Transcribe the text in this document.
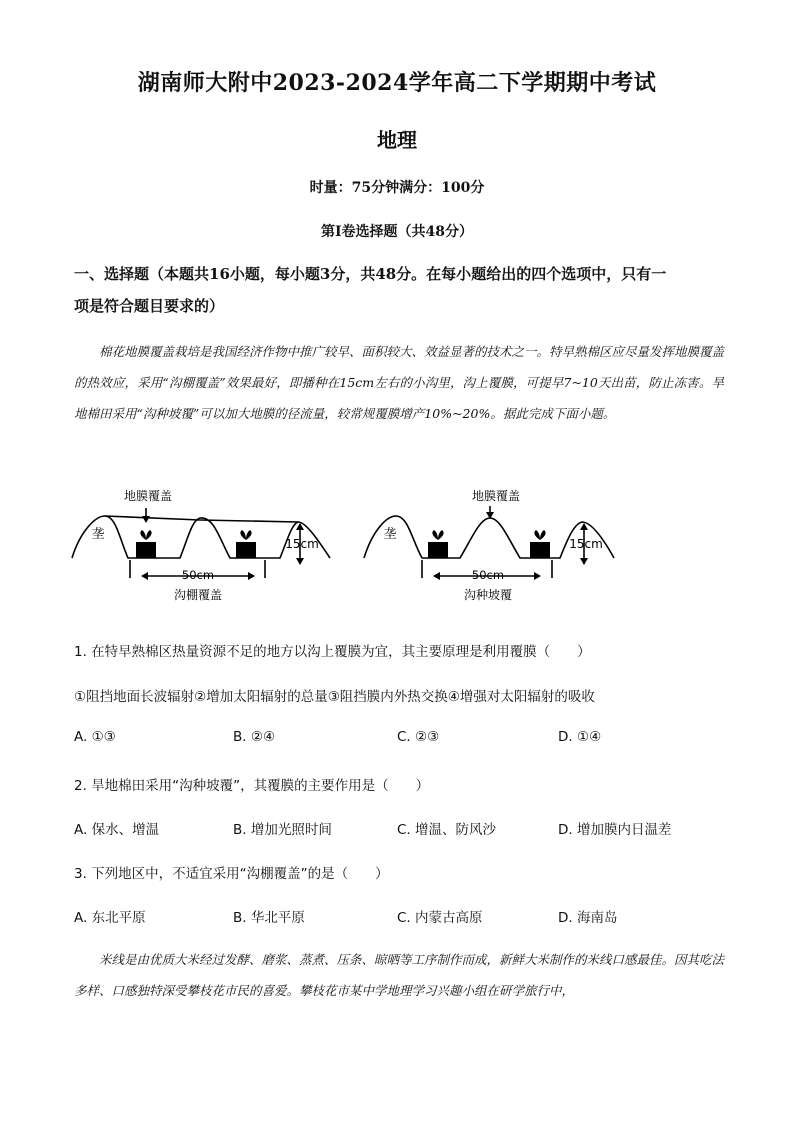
湖南师大附中2023-2024学年高二下学期期中考试
地理
时量：75分钟满分：100分
第Ⅰ卷选择题（共48分）
一、选择题（本题共16小题，每小题3分，共48分。在每小题给出的四个选项中，只有一
项是符合题目要求的）
棉花地膜覆盖栽培是我国经济作物中推广较早、面积较大、效益显著的技术之一。特早熟棉区应尽量发挥地膜覆盖的热效应，采用“沟棚覆盖”效果最好，即播种在15cm左右的小沟里，沟上覆膜，可提早7~10天出苗，防止冻害。旱地棉田采用“沟种坡覆”可以加大地膜的径流量，较常规覆膜增产10%~20%。据此完成下面小题。
地膜覆盖
垄
15cm
50cm
沟棚覆盖
地膜覆盖
垄
15cm
50cm
沟种坡覆
1. 在特早熟棉区热量资源不足的地方以沟上覆膜为宜，其主要原理是利用覆膜（　　）
①阻挡地面长波辐射②增加太阳辐射的总量③阻挡膜内外热交换④增强对太阳辐射的吸收
A. ①③	B. ②④	C. ②③	D. ①④
2. 旱地棉田采用“沟种坡覆”，其覆膜的主要作用是（　　）
A. 保水、增温	B. 增加光照时间	C. 增温、防风沙	D. 增加膜内日温差
3. 下列地区中，不适宜采用“沟棚覆盖”的是（　　）
A. 东北平原	B. 华北平原	C. 内蒙古高原	D. 海南岛
米线是由优质大米经过发酵、磨浆、蒸煮、压条、晾晒等工序制作而成，新鲜大米制作的米线口感最佳。因其吃法多样、口感独特深受攀枝花市民的喜爱。攀枝花市某中学地理学习兴趣小组在研学旅行中，
